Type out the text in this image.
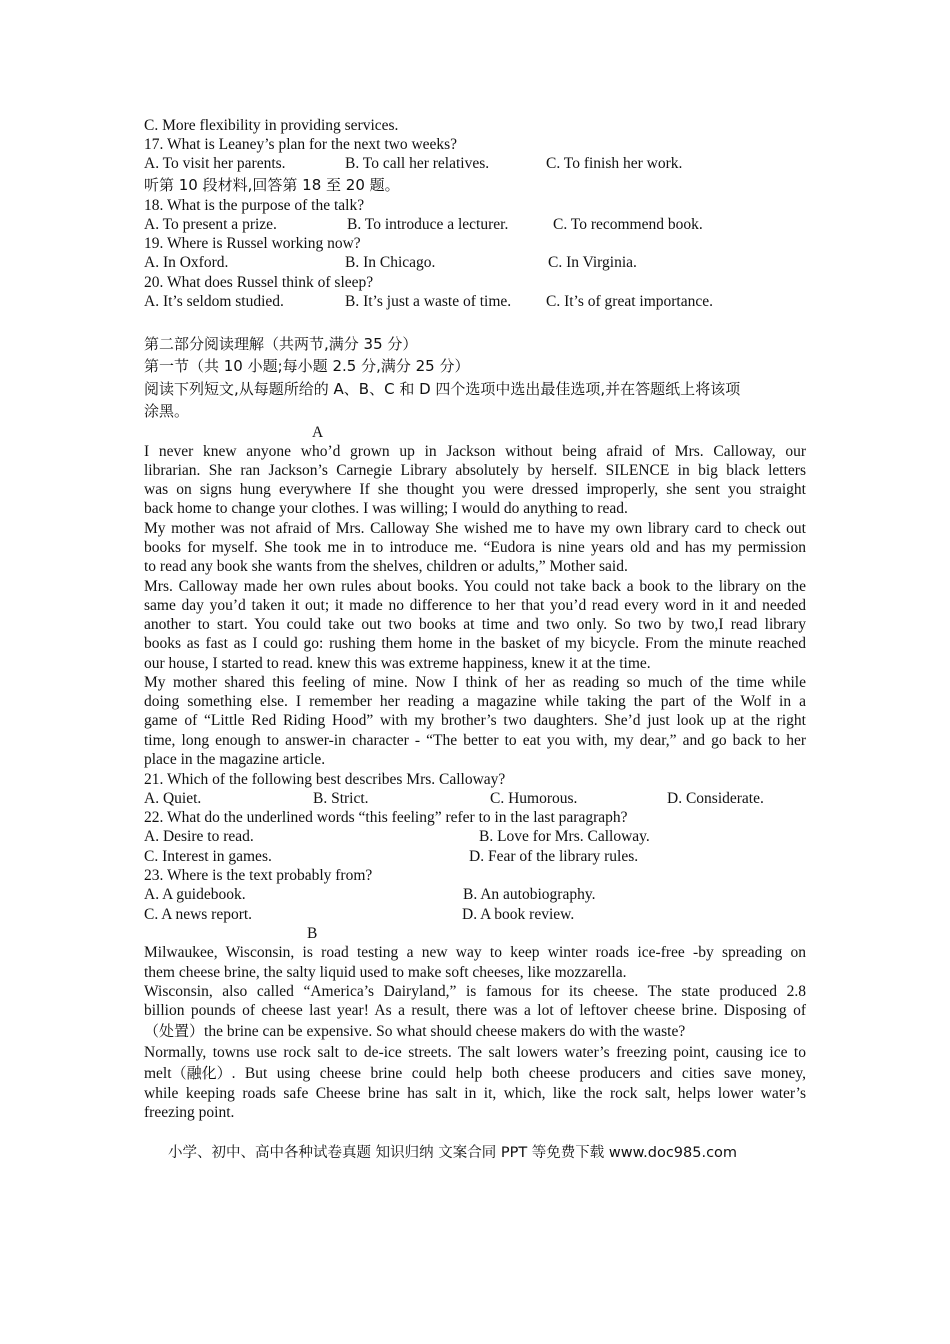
C. More flexibility in providing services.
17. What is Leaney’s plan for the next two weeks?
A. To visit her parents.	B. To call her relatives.	C. To finish her work.
听第 10 段材料,回答第 18 至 20 题。
18. What is the purpose of the talk?
A. To present a prize.	B. To introduce a lecturer.	C. To recommend book.
19. Where is Russel working now?
A. In Oxford.	B. In Chicago.	C. In Virginia.
20. What does Russel think of sleep?
A. It’s seldom studied.	B. It’s just a waste of time. C. It’s of great importance.
第二部分阅读理解（共两节,满分 35 分）
第一节（共 10 小题;每小题 2.5 分,满分 25 分）
阅读下列短文,从每题所给的 A、B、C 和 D 四个选项中选出最佳选项,并在答题纸上将该项
涂黑。
A
I never knew anyone who’d grown up in Jackson without being afraid of Mrs. Calloway, our
librarian. She ran Jackson’s Carnegie Library absolutely by herself. SILENCE in big black letters
was on signs hung everywhere If she thought you were dressed improperly, she sent you straight
back home to change your clothes. I was willing; I would do anything to read.
My mother was not afraid of Mrs. Calloway She wished me to have my own library card to check out
books for myself. She took me in to introduce me. “Eudora is nine years old and has my permission
to read any book she wants from the shelves, children or adults,” Mother said.
Mrs. Calloway made her own rules about books. You could not take back a book to the library on the
same day you’d taken it out; it made no difference to her that you’d read every word in it and needed
another to start. You could take out two books at time and two only. So two by two,I read library
books as fast as I could go: rushing them home in the basket of my bicycle. From the minute reached
our house, I started to read. knew this was extreme happiness, knew it at the time.
My mother shared this feeling of mine. Now I think of her as reading so much of the time while
doing something else. I remember her reading a magazine while taking the part of the Wolf in a
game of “Little Red Riding Hood” with my brother’s two daughters. She’d just look up at the right
time, long enough to answer-in character - “The better to eat you with, my dear,” and go back to her
place in the magazine article.
21. Which of the following best describes Mrs. Calloway?
A. Quiet.	B. Strict.	C. Humorous.	D. Considerate.
22. What do the underlined words “this feeling” refer to in the last paragraph?
A. Desire to read.	B. Love for Mrs. Calloway.
C. Interest in games.	D. Fear of the library rules.
23. Where is the text probably from?
A. A guidebook.	B. An autobiography.
C. A news report.	D. A book review.
B
Milwaukee, Wisconsin, is road testing a new way to keep winter roads ice-free -by spreading on
them cheese brine, the salty liquid used to make soft cheeses, like mozzarella.
Wisconsin, also called “America’s Dairyland,” is famous for its cheese. The state produced 2.8
billion pounds of cheese last year! As a result, there was a lot of leftover cheese brine. Disposing of
（处置）the brine can be expensive. So what should cheese makers do with the waste?
Normally, towns use rock salt to de-ice streets. The salt lowers water’s freezing point, causing ice to
melt （融化） . But using cheese brine could help both cheese producers and cities save money,
while keeping roads safe Cheese brine has salt in it, which, like the rock salt, helps lower water’s
freezing point.
小学、初中、高中各种试卷真题 知识归纳 文案合同 PPT 等免费下载 www.doc985.com
